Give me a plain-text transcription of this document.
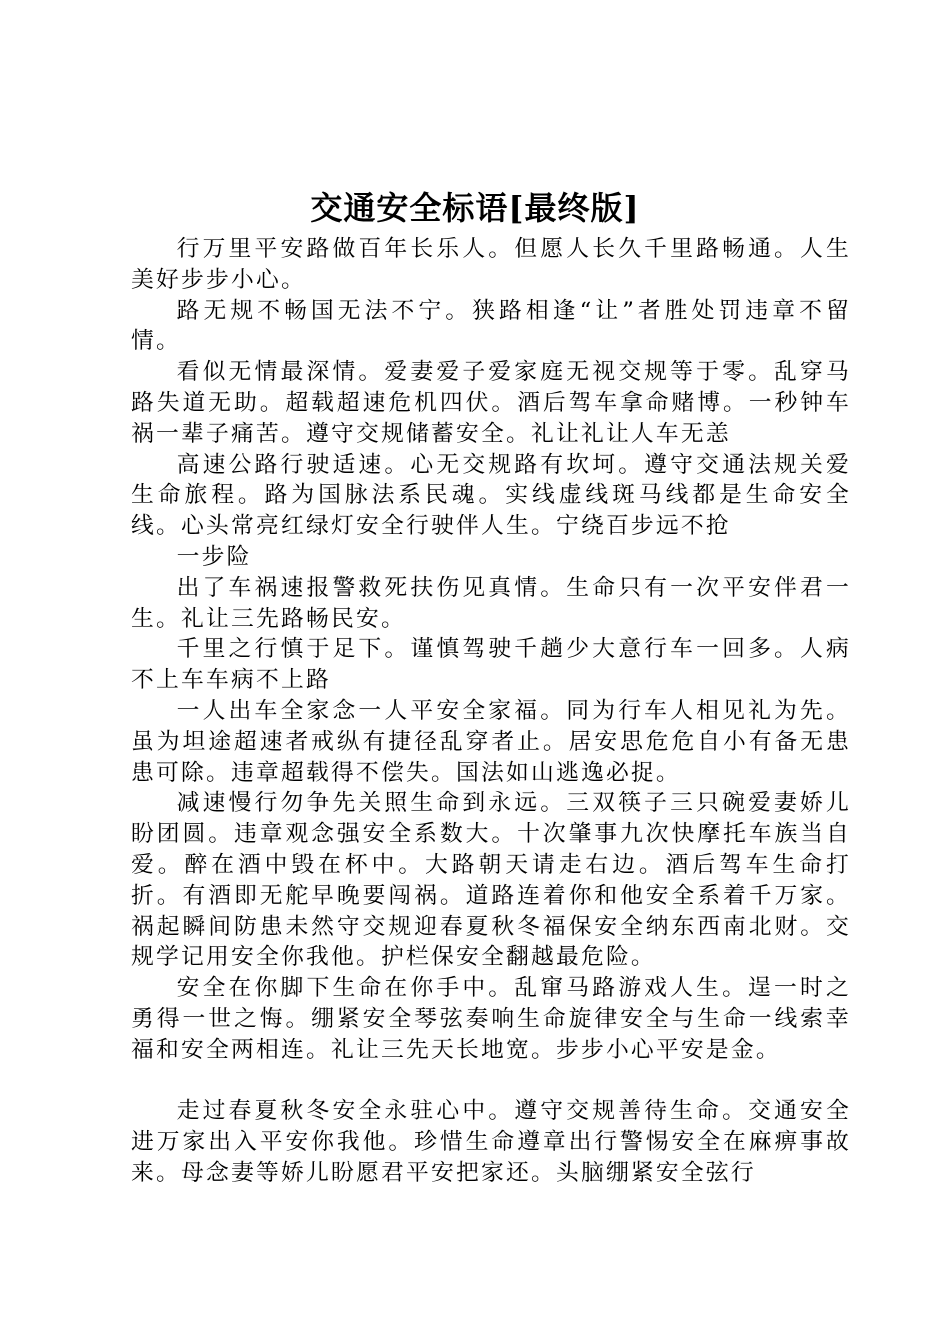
交通安全标语[最终版]

行万里平安路做百年长乐人。但愿人长久千里路畅通。人生美好步步小心。

路无规不畅国无法不宁。狭路相逢“让”者胜处罚违章不留情。

看似无情最深情。爱妻爱子爱家庭无视交规等于零。乱穿马路失道无助。超载超速危机四伏。酒后驾车拿命赌博。一秒钟车祸一辈子痛苦。遵守交规储蓄安全。礼让礼让人车无恙

高速公路行驶适速。心无交规路有坎坷。遵守交通法规关爱生命旅程。路为国脉法系民魂。实线虚线斑马线都是生命安全线。心头常亮红绿灯安全行驶伴人生。宁绕百步远不抢

一步险

出了车祸速报警救死扶伤见真情。生命只有一次平安伴君一生。礼让三先路畅民安。

千里之行慎于足下。谨慎驾驶千趟少大意行车一回多。人病不上车车病不上路

一人出车全家念一人平安全家福。同为行车人相见礼为先。虽为坦途超速者戒纵有捷径乱穿者止。居安思危危自小有备无患患可除。违章超载得不偿失。国法如山逃逸必捉。

减速慢行勿争先关照生命到永远。三双筷子三只碗爱妻娇儿盼团圆。违章观念强安全系数大。十次肇事九次快摩托车族当自爱。醉在酒中毁在杯中。大路朝天请走右边。酒后驾车生命打折。有酒即无舵早晚要闯祸。道路连着你和他安全系着千万家。祸起瞬间防患未然守交规迎春夏秋冬福保安全纳东西南北财。交规学记用安全你我他。护栏保安全翻越最危险。

安全在你脚下生命在你手中。乱窜马路游戏人生。逞一时之勇得一世之悔。绷紧安全琴弦奏响生命旋律安全与生命一线索幸福和安全两相连。礼让三先天长地宽。步步小心平安是金。

走过春夏秋冬安全永驻心中。遵守交规善待生命。交通安全进万家出入平安你我他。珍惜生命遵章出行警惕安全在麻痹事故来。母念妻等娇儿盼愿君平安把家还。头脑绷紧安全弦行
